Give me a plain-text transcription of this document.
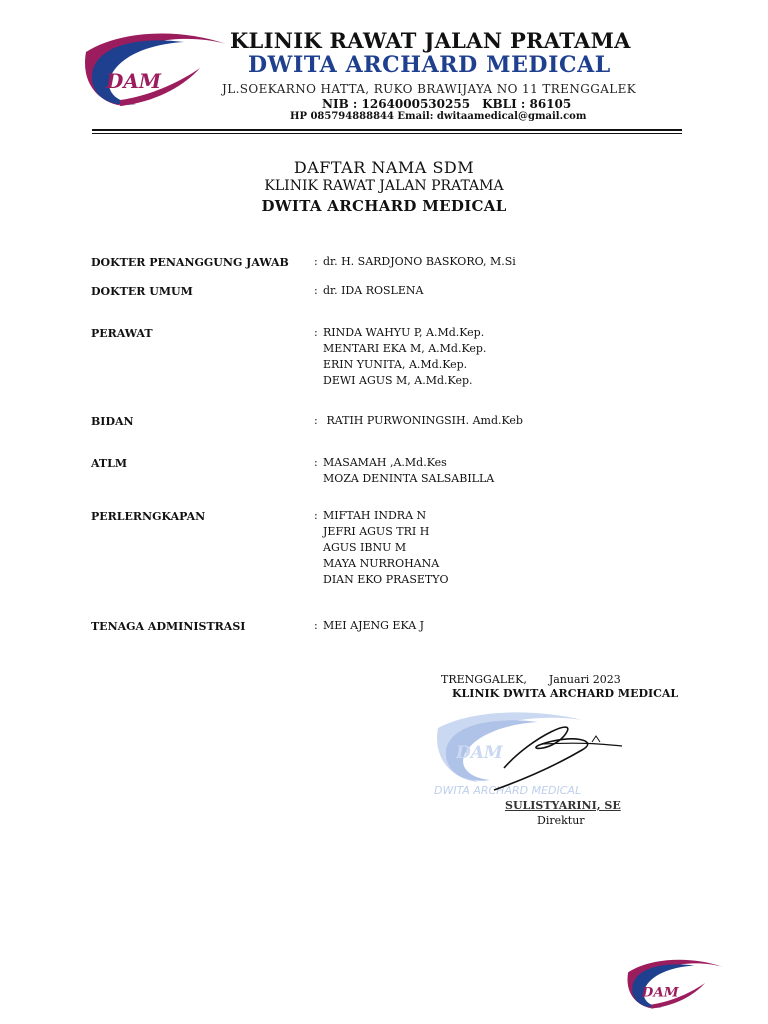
DAM
KLINIK RAWAT JALAN PRATAMA
DWITA ARCHARD MEDICAL
JL.SOEKARNO HATTA, RUKO BRAWIJAYA NO 11 TRENGGALEK
NIB : 1264000530255 KBLI : 86105
HP 085794888844 Email: dwitaamedical@gmail.com
DAFTAR NAMA SDM
KLINIK RAWAT JALAN PRATAMA
DWITA ARCHARD MEDICAL
DOKTER PENANGGUNG JAWAB : dr. H. SARDJONO BASKORO, M.Si
DOKTER UMUM	: dr. IDA ROSLENA
PERAWAT	: RINDA WAHYU P, A.Md.Kep.
MENTARI EKA M, A.Md.Kep.
ERIN YUNITA, A.Md.Kep.
DEWI AGUS M, A.Md.Kep.
BIDAN	: RATIH PURWONINGSIH. Amd.Keb
ATLM	: MASAMAH ,A.Md.Kes
MOZA DENINTA SALSABILLA
PERLERNGKAPAN	: MIFTAH INDRA N
JEFRI AGUS TRI H
AGUS IBNU M
MAYA NURROHANA
DIAN EKO PRASETYO
TENAGA ADMINISTRASI	: MEI AJENG EKA J
TRENGGALEK, Januari 2023
KLINIK DWITA ARCHARD MEDICAL
DAM
DWITA ARCHARD MEDICAL
SULISTYARINI, SE
Direktur
DAM
